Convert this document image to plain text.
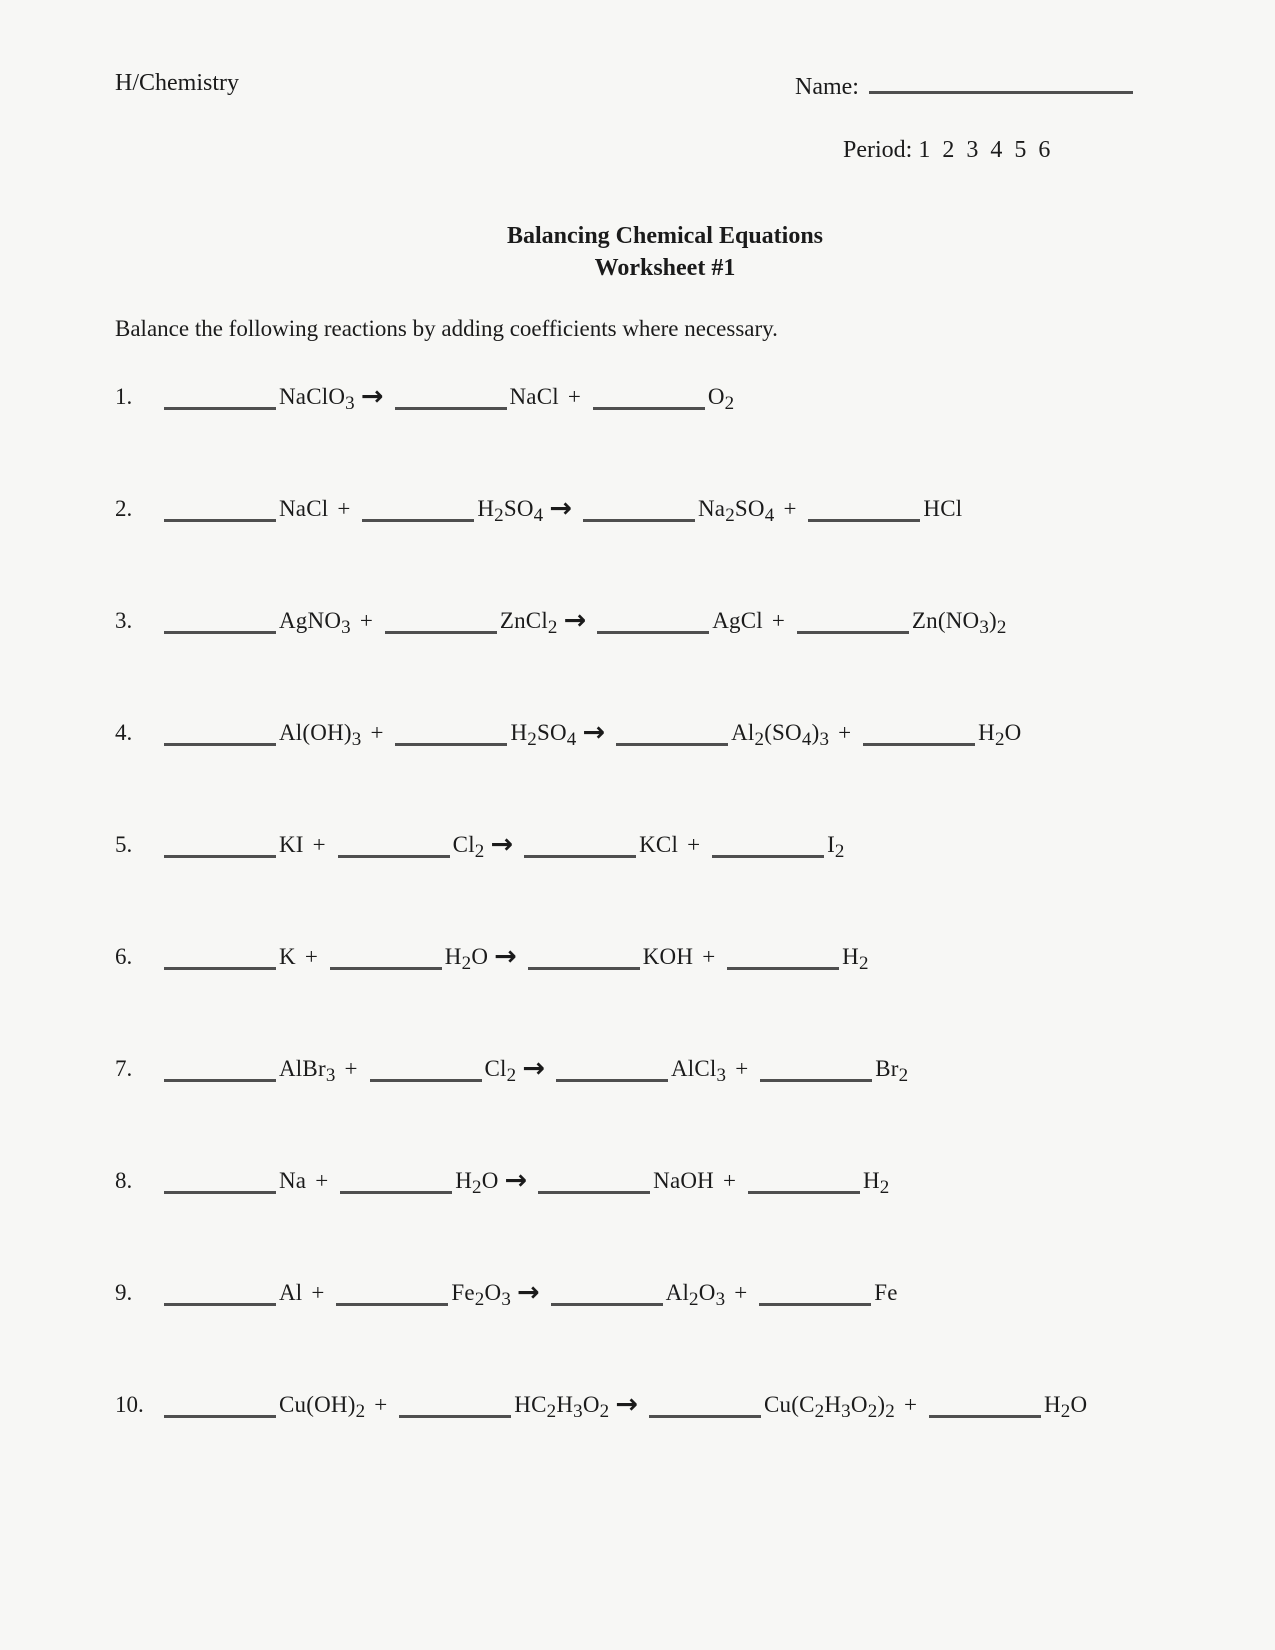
H/Chemistry	Name:

Period: 1  2  3  4  5  6

Balancing Chemical Equations
Worksheet #1
Balance the following reactions by adding coefficients where necessary.
1.	NaClO$_3$ →	NaCl +	$O_2$
2.	NaCl +	$H_2SO_4$ →	$Na_2SO_4$ +	HCl
3.	AgNO$_3$ +	ZnCl$_2$ →	AgCl +	$Zn(NO_3)_2$
4.	$Al(OH)_3$ +	$H_2SO_4$ →	$Al_2(SO_4)_3$ +	$H_2O$
5.	KI +	$Cl_2$ →	KCl +	$I_2$
6.	K +	$H_2O$ →	KOH +	$H_2$
7.	AlBr$_3$ +	$Cl_2$ →	AlCl$_3$ +	$Br_2$
8.	Na +	$H_2O$ →	NaOH +	$H_2$
9.	Al +	$Fe_2O_3$ →	$Al_2O_3$ +	Fe
10.	$Cu(OH)_2$ +	$HC_2H_3O_2$ →	$Cu(C_2H_3O_2)_2$ +	$H_2O$
